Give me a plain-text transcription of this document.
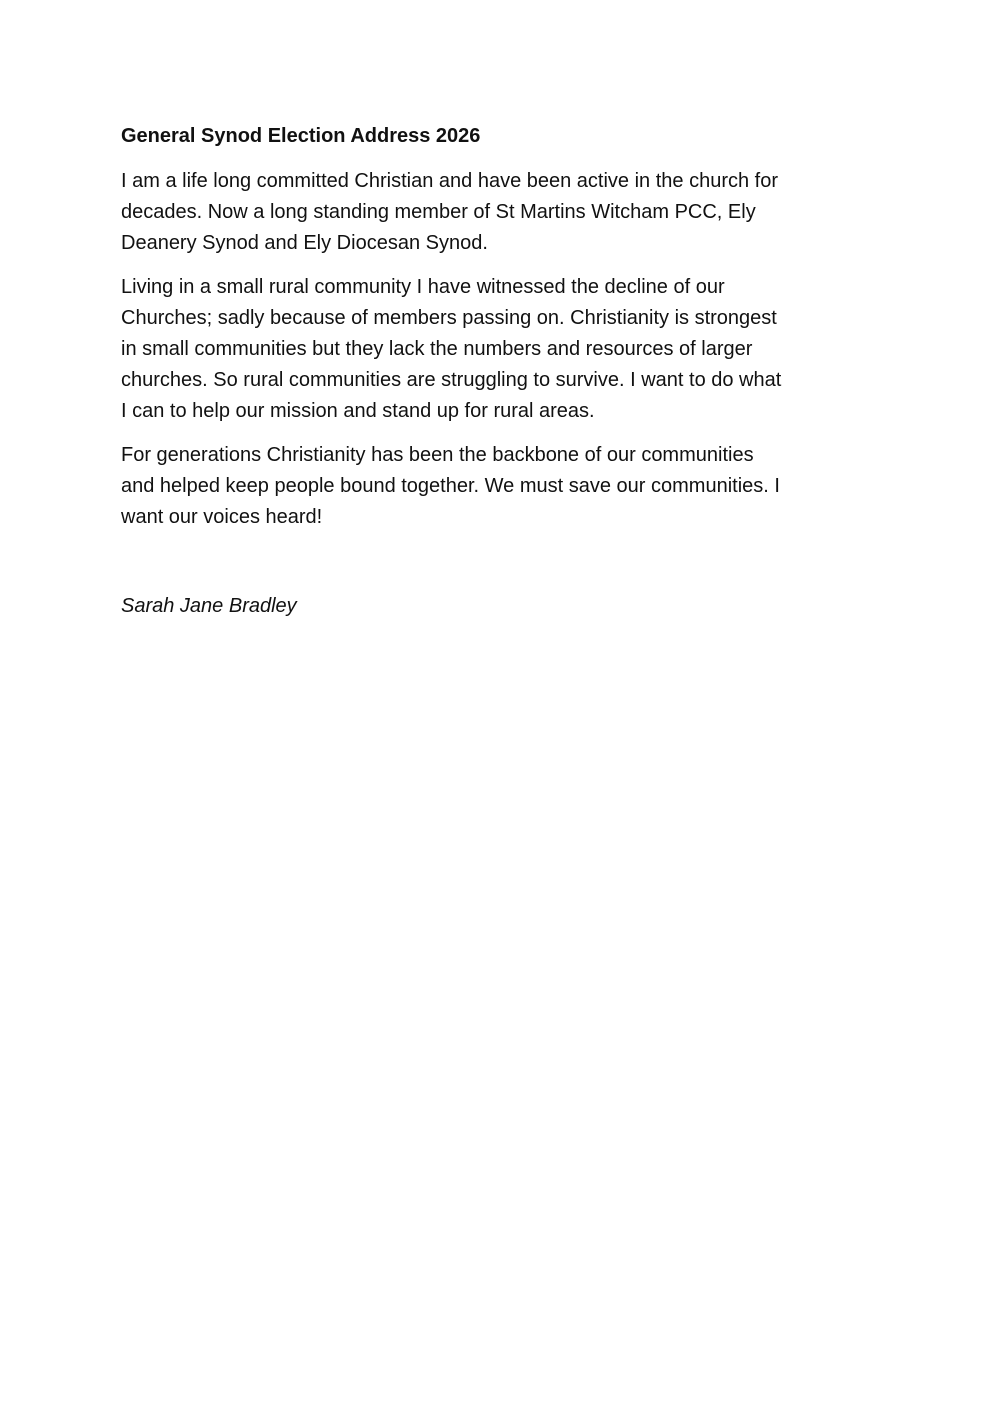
General Synod Election Address 2026

I am a life long committed Christian and have been active in the church for
decades. Now a long standing member of St Martins Witcham PCC, Ely
Deanery Synod and Ely Diocesan Synod.

Living in a small rural community I have witnessed the decline of our
Churches; sadly because of members passing on. Christianity is strongest
in small communities but they lack the numbers and resources of larger
churches. So rural communities are struggling to survive. I want to do what
I can to help our mission and stand up for rural areas.

For generations Christianity has been the backbone of our communities
and helped keep people bound together. We must save our communities. I
want our voices heard!

Sarah Jane Bradley
